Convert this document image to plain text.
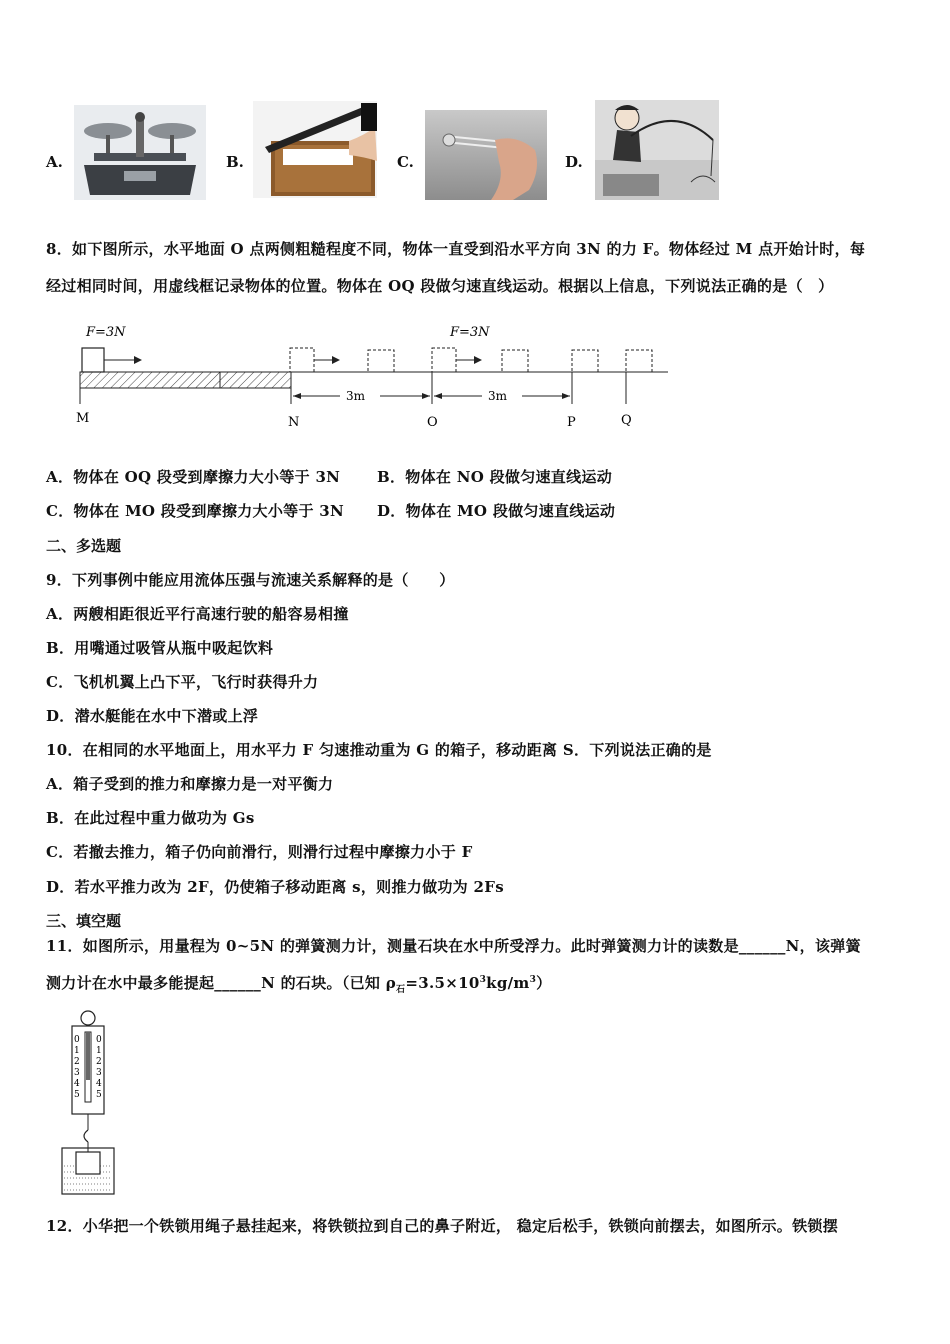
A.	B.	C.	D.
8．如下图所示，水平地面 O 点两侧粗糙程度不同，物体一直受到沿水平方向 3N 的力 F。物体经过 M 点开始计时，每
经过相同时间，用虚线框记录物体的位置。物体在 OQ 段做匀速直线运动。根据以上信息，下列说法正确的是（　）
F=3N	F=3N
3m	3m
M	N	O	P	Q
A．物体在 OQ 段受到摩擦力大小等于 3N B．物体在 NO 段做匀速直线运动
C．物体在 MO 段受到摩擦力大小等于 3N D．物体在 MO 段做匀速直线运动
二、多选题
9．下列事例中能应用流体压强与流速关系解释的是（　　）
A．两艘相距很近平行高速行驶的船容易相撞
B．用嘴通过吸管从瓶中吸起饮料
C．飞机机翼上凸下平，飞行时获得升力
D．潜水艇能在水中下潜或上浮
10．在相同的水平地面上，用水平力 F 匀速推动重为 G 的箱子，移动距离 S．下列说法正确的是
A．箱子受到的推力和摩擦力是一对平衡力
B．在此过程中重力做功为 Gs
C．若撤去推力，箱子仍向前滑行，则滑行过程中摩擦力小于 F
D．若水平推力改为 2F，仍使箱子移动距离 s，则推力做功为 2Fs
三、填空题
11．如图所示，用量程为 0~5N 的弹簧测力计，测量石块在水中所受浮力。此时弹簧测力计的读数是______N，该弹簧
测力计在水中最多能提起______N 的石块。（已知 $\rho_石=3.5\times 10^3kg/m^3$）
0
1
2
3
4
5
0
1
2
3
4
5
12．小华把一个铁锁用绳子悬挂起来，将铁锁拉到自己的鼻子附近， 稳定后松手，铁锁向前摆去，如图所示。铁锁摆
